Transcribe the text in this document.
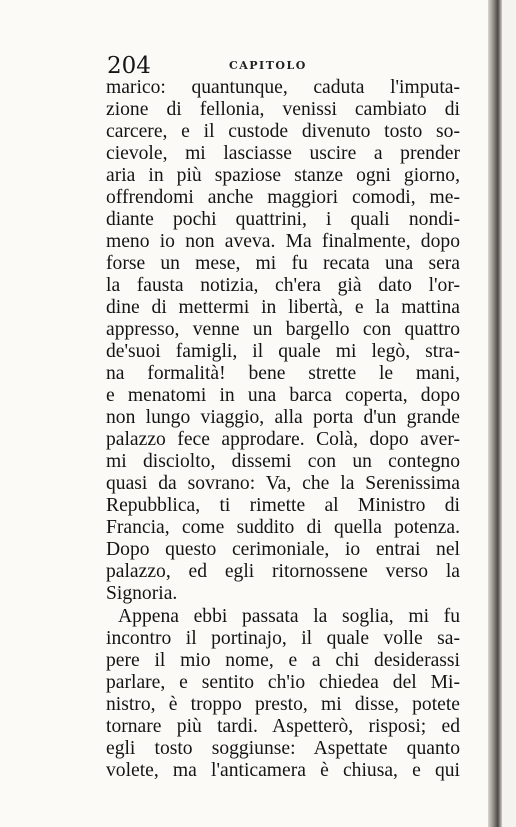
204	CAPITOLO
marico: quantunque, caduta l'imputa-
zione di fellonia, venissi cambiato di
carcere, e il custode divenuto tosto so-
cievole, mi lasciasse uscire a prender
aria in più spaziose stanze ogni giorno,
offrendomi anche maggiori comodi, me-
diante pochi quattrini, i quali nondi-
meno io non aveva. Ma finalmente, dopo
forse un mese, mi fu recata una sera
la fausta notizia, ch'era già dato l'or-
dine di mettermi in libertà, e la mattina
appresso, venne un bargello con quattro
de'suoi famigli, il quale mi legò, stra-
na formalità! bene strette le mani,
e menatomi in una barca coperta, dopo
non lungo viaggio, alla porta d'un grande
palazzo fece approdare. Colà, dopo aver-
mi disciolto, dissemi con un contegno
quasi da sovrano: Va, che la Serenissima
Repubblica, ti rimette al Ministro di
Francia, come suddito di quella potenza.
Dopo questo cerimoniale, io entrai nel
palazzo, ed egli ritornossene verso la
Signoria.
Appena ebbi passata la soglia, mi fu
incontro il portinajo, il quale volle sa-
pere il mio nome, e a chi desiderassi
parlare, e sentito ch'io chiedea del Mi-
nistro, è troppo presto, mi disse, potete
tornare più tardi. Aspetterò, risposi; ed
egli tosto soggiunse: Aspettate quanto
volete, ma l'anticamera è chiusa, e qui
